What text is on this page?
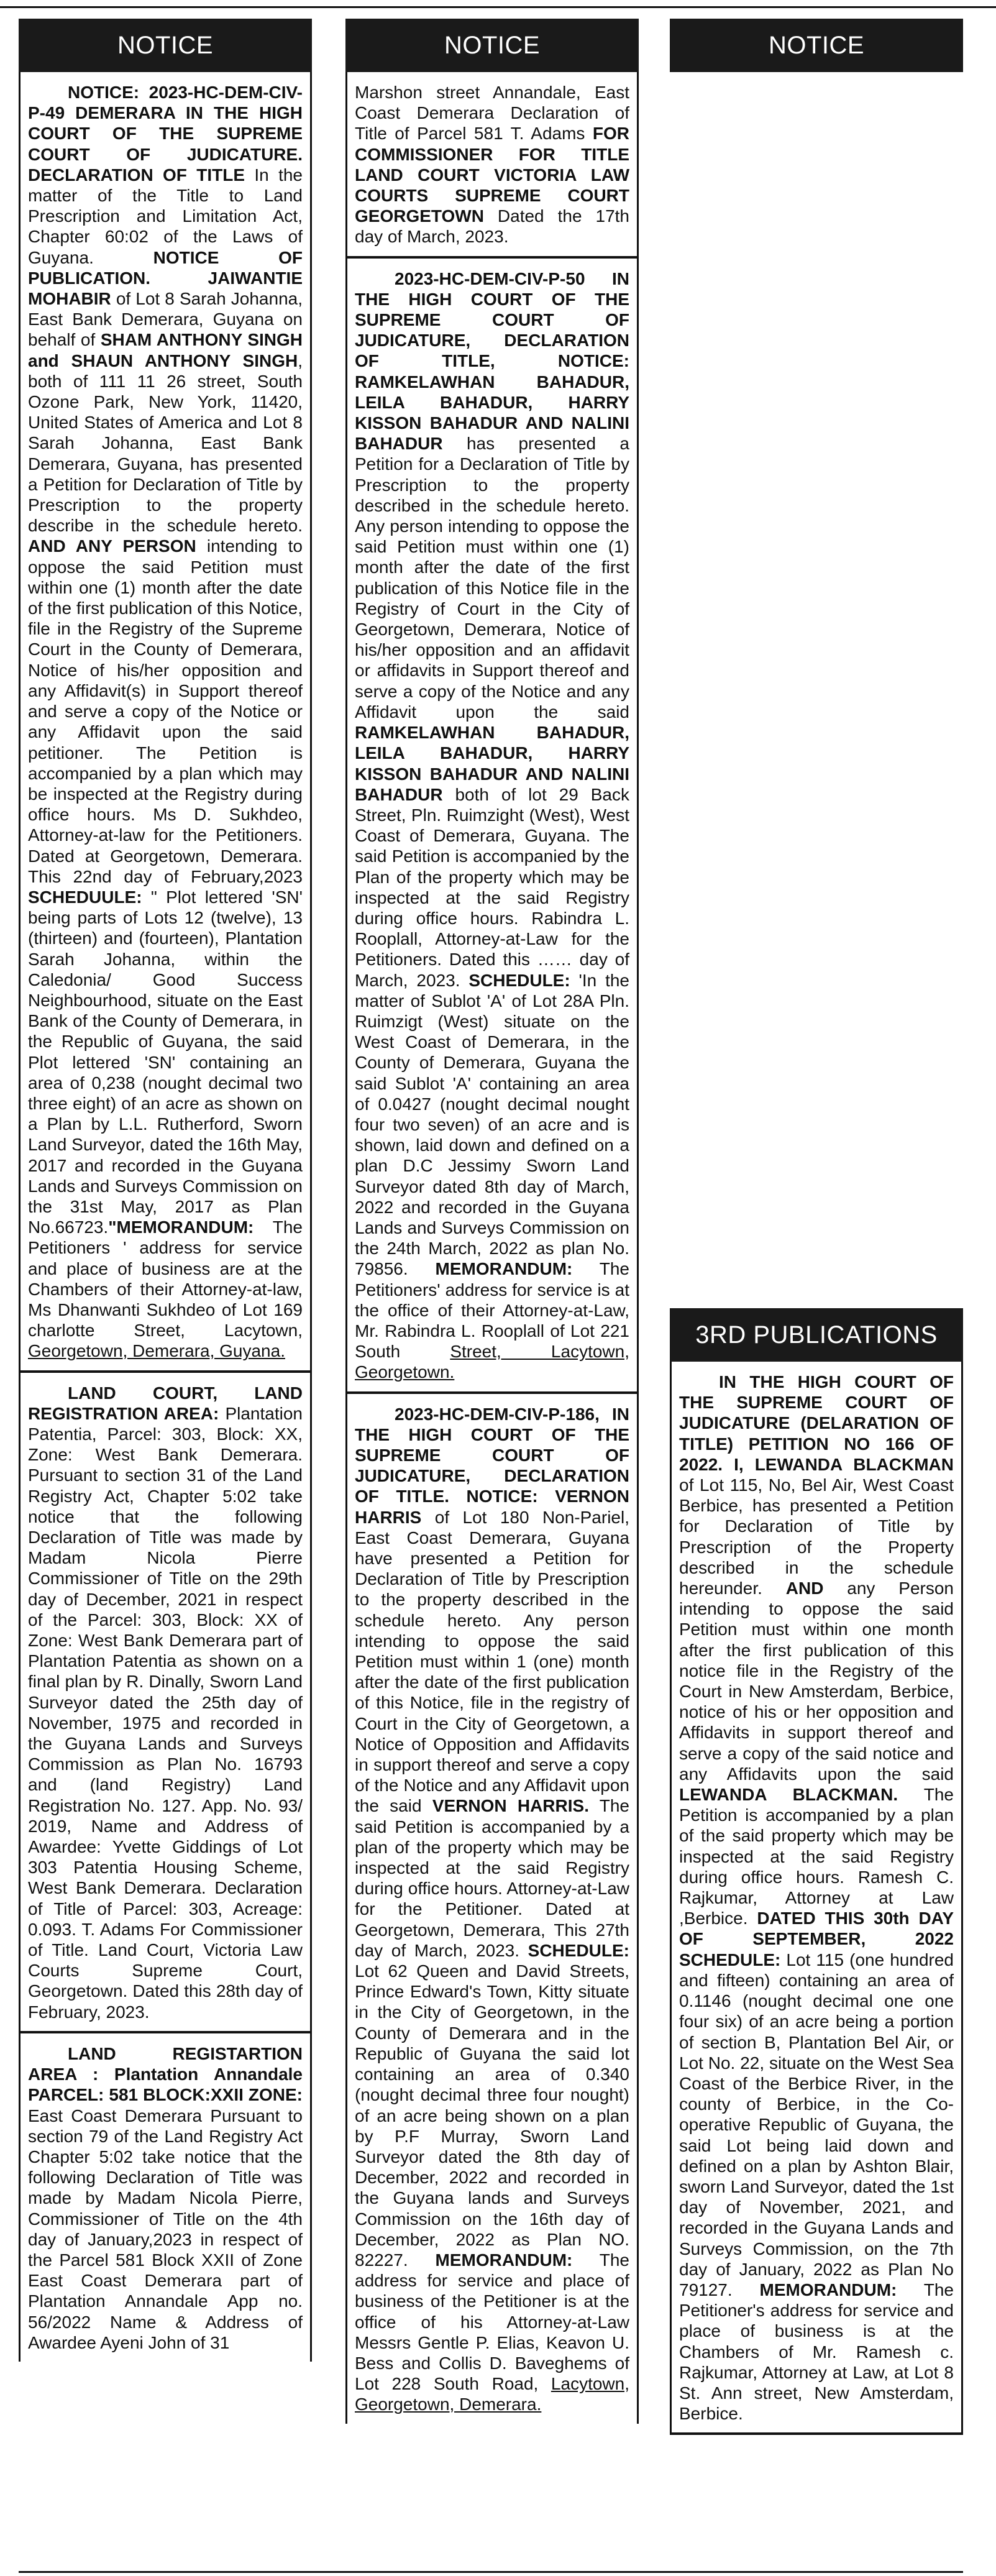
NOTICE
NOTICE: 2023-HC-DEM-CIV-P-49 DEMERARA IN THE HIGH COURT OF THE SUPREME COURT OF JUDICATURE. DECLARATION OF TITLE In the matter of the Title to Land Prescription and Limitation Act, Chapter 60:02 of the Laws of Guyana. NOTICE OF PUBLICATION. JAIWANTIE MOHABIR of Lot 8 Sarah Johanna, East Bank Demerara, Guyana on behalf of SHAM ANTHONY SINGH and SHAUN ANTHONY SINGH, both of 111 11 26 street, South Ozone Park, New York, 11420, United States of America and Lot 8 Sarah Johanna, East Bank Demerara, Guyana, has presented a Petition for Declaration of Title by Prescription to the property describe in the schedule hereto. AND ANY PERSON intending to oppose the said Petition must within one (1) month after the date of the first publication of this Notice, file in the Registry of the Supreme Court in the County of Demerara, Notice of his/her opposition and any Affidavit(s) in Support thereof and serve a copy of the Notice or any Affidavit upon the said petitioner. The Petition is accompanied by a plan which may be inspected at the Registry during office hours. Ms D. Sukhdeo, Attorney-at-law for the Petitioners. Dated at Georgetown, Demerara. This 22nd day of February,2023 SCHEDUULE: " Plot lettered 'SN' being parts of Lots 12 (twelve), 13 (thirteen) and (fourteen), Plantation Sarah Johanna, within the Caledonia/ Good Success Neighbourhood, situate on the East Bank of the County of Demerara, in the Republic of Guyana, the said Plot lettered 'SN' containing an area of 0,238 (nought decimal two three eight) of an acre as shown on a Plan by L.L. Rutherford, Sworn Land Surveyor, dated the 16th May, 2017 and recorded in the Guyana Lands and Surveys Commission on the 31st May, 2017 as Plan No.66723."MEMORANDUM: The Petitioners ' address for service and place of business are at the Chambers of their Attorney-at-law, Ms Dhanwanti Sukhdeo of Lot 169 charlotte Street, Lacytown, Georgetown, Demerara, Guyana.
LAND COURT, LAND REGISTRATION AREA: Plantation Patentia, Parcel: 303, Block: XX, Zone: West Bank Demerara. Pursuant to section 31 of the Land Registry Act, Chapter 5:02 take notice that the following Declaration of Title was made by Madam Nicola Pierre Commissioner of Title on the 29th day of December, 2021 in respect of the Parcel: 303, Block: XX of Zone: West Bank Demerara part of Plantation Patentia as shown on a final plan by R. Dinally, Sworn Land Surveyor dated the 25th day of November, 1975 and recorded in the Guyana Lands and Surveys Commission as Plan No. 16793 and (land Registry) Land Registration No. 127. App. No. 93/ 2019, Name and Address of Awardee: Yvette Giddings of Lot 303 Patentia Housing Scheme, West Bank Demerara. Declaration of Title of Parcel: 303, Acreage: 0.093. T. Adams For Commissioner of Title. Land Court, Victoria Law Courts Supreme Court, Georgetown. Dated this 28th day of February, 2023.
LAND REGISTARTION AREA : Plantation Annandale PARCEL: 581 BLOCK:XXII ZONE: East Coast Demerara Pursuant to section 79 of the Land Registry Act Chapter 5:02 take notice that the following Declaration of Title was made by Madam Nicola Pierre, Commissioner of Title on the 4th day of January,2023 in respect of the Parcel 581 Block XXII of Zone East Coast Demerara part of Plantation Annandale App no. 56/2022 Name & Address of Awardee Ayeni John of 31
NOTICE
Marshon street Annandale, East Coast Demerara Declaration of Title of Parcel 581 T. Adams FOR COMMISSIONER FOR TITLE LAND COURT VICTORIA LAW COURTS SUPREME COURT GEORGETOWN Dated the 17th day of March, 2023.
2023-HC-DEM-CIV-P-50 IN THE HIGH COURT OF THE SUPREME COURT OF JUDICATURE, DECLARATION OF TITLE, NOTICE: RAMKELAWHAN BAHADUR, LEILA BAHADUR, HARRY KISSON BAHADUR AND NALINI BAHADUR has presented a Petition for a Declaration of Title by Prescription to the property described in the schedule hereto. Any person intending to oppose the said Petition must within one (1) month after the date of the first publication of this Notice file in the Registry of Court in the City of Georgetown, Demerara, Notice of his/her opposition and an affidavit or affidavits in Support thereof and serve a copy of the Notice and any Affidavit upon the said RAMKELAWHAN BAHADUR, LEILA BAHADUR, HARRY KISSON BAHADUR AND NALINI BAHADUR both of lot 29 Back Street, Pln. Ruimzight (West), West Coast of Demerara, Guyana. The said Petition is accompanied by the Plan of the property which may be inspected at the said Registry during office hours. Rabindra L. Rooplall, Attorney-at-Law for the Petitioners. Dated this …… day of March, 2023. SCHEDULE: 'In the matter of Sublot 'A' of Lot 28A Pln. Ruimzigt (West) situate on the West Coast of Demerara, in the County of Demerara, Guyana the said Sublot 'A' containing an area of 0.0427 (nought decimal nought four two seven) of an acre and is shown, laid down and defined on a plan D.C Jessimy Sworn Land Surveyor dated 8th day of March, 2022 and recorded in the Guyana Lands and Surveys Commission on the 24th March, 2022 as plan No. 79856. MEMORANDUM: The Petitioners' address for service is at the office of their Attorney-at-Law, Mr. Rabindra L. Rooplall of Lot 221 South Street, Lacytown, Georgetown.
2023-HC-DEM-CIV-P-186, IN THE HIGH COURT OF THE SUPREME COURT OF JUDICATURE, DECLARATION OF TITLE. NOTICE: VERNON HARRIS of Lot 180 Non-Pariel, East Coast Demerara, Guyana have presented a Petition for Declaration of Title by Prescription to the property described in the schedule hereto. Any person intending to oppose the said Petition must within 1 (one) month after the date of the first publication of this Notice, file in the registry of Court in the City of Georgetown, a Notice of Opposition and Affidavits in support thereof and serve a copy of the Notice and any Affidavit upon the said VERNON HARRIS. The said Petition is accompanied by a plan of the property which may be inspected at the said Registry during office hours. Attorney-at-Law for the Petitioner. Dated at Georgetown, Demerara, This 27th day of March, 2023. SCHEDULE: Lot 62 Queen and David Streets, Prince Edward's Town, Kitty situate in the City of Georgetown, in the County of Demerara and in the Republic of Guyana the said lot containing an area of 0.340 (nought decimal three four nought) of an acre being shown on a plan by P.F Murray, Sworn Land Surveyor dated the 8th day of December, 2022 and recorded in the Guyana lands and Surveys Commission on the 16th day of December, 2022 as Plan NO. 82227. MEMORANDUM: The address for service and place of business of the Petitioner is at the office of his Attorney-at-Law Messrs Gentle P. Elias, Keavon U. Bess and Collis D. Baveghems of Lot 228 South Road, Lacytown, Georgetown, Demerara.
NOTICE
3RD PUBLICATIONS
IN THE HIGH COURT OF THE SUPREME COURT OF JUDICATURE (DELARATION OF TITLE) PETITION NO 166 OF 2022. I, LEWANDA BLACKMAN of Lot 115, No, Bel Air, West Coast Berbice, has presented a Petition for Declaration of Title by Prescription of the Property described in the schedule hereunder. AND any Person intending to oppose the said Petition must within one month after the first publication of this notice file in the Registry of the Court in New Amsterdam, Berbice, notice of his or her opposition and Affidavits in support thereof and serve a copy of the said notice and any Affidavits upon the said LEWANDA BLACKMAN. The Petition is accompanied by a plan of the said property which may be inspected at the said Registry during office hours. Ramesh C. Rajkumar, Attorney at Law ,Berbice. DATED THIS 30th DAY OF SEPTEMBER, 2022 SCHEDULE: Lot 115 (one hundred and fifteen) containing an area of 0.1146 (nought decimal one one four six) of an acre being a portion of section B, Plantation Bel Air, or Lot No. 22, situate on the West Sea Coast of the Berbice River, in the county of Berbice, in the Co-operative Republic of Guyana, the said Lot being laid down and defined on a plan by Ashton Blair, sworn Land Surveyor, dated the 1st day of November, 2021, and recorded in the Guyana Lands and Surveys Commission, on the 7th day of January, 2022 as Plan No 79127. MEMORANDUM: The Petitioner's address for service and place of business is at the Chambers of Mr. Ramesh c. Rajkumar, Attorney at Law, at Lot 8 St. Ann street, New Amsterdam, Berbice.
